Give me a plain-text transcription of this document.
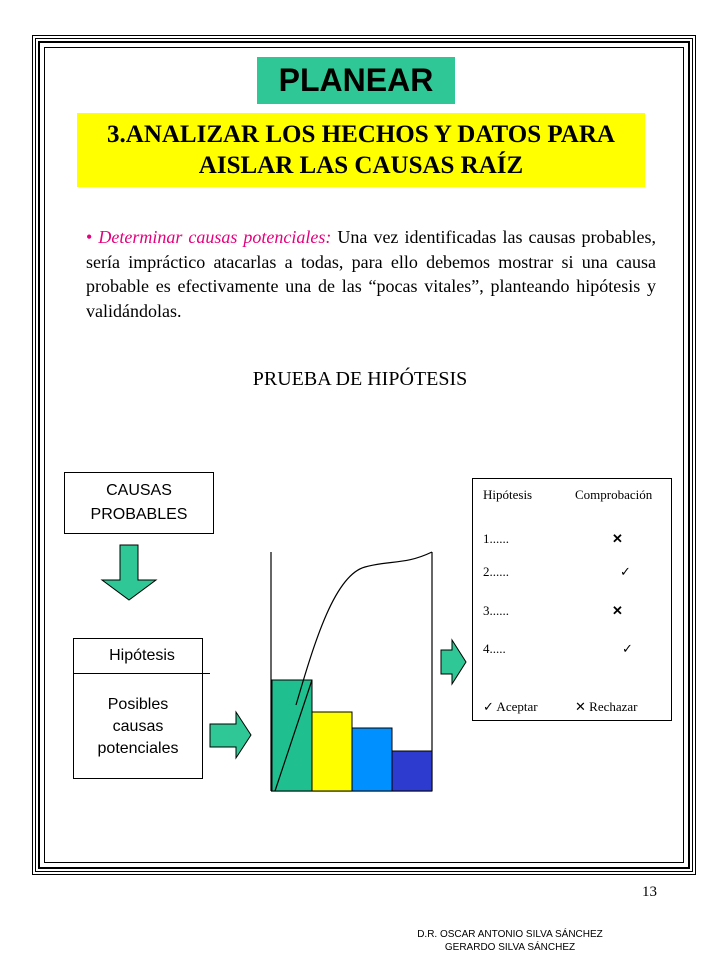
PLANEAR
3.ANALIZAR LOS HECHOS Y DATOS PARA
AISLAR LAS CAUSAS RAÍZ
• Determinar causas potenciales: Una vez identificadas las causas probables, sería impráctico atacarlas a todas, para ello debemos mostrar si una causa probable es efectivamente una de las “pocas vitales”, planteando hipótesis y validándolas.
PRUEBA DE HIPÓTESIS
CAUSAS
PROBABLES
Hipótesis
Posibles
causas
potenciales
Hipótesis	Comprobación
1......	✕
2......	✓
3......	✕
4.....	✓
✓ Aceptar	✕ Rechazar
13
D.R. OSCAR ANTONIO SILVA SÁNCHEZ
GERARDO SILVA SÁNCHEZ
